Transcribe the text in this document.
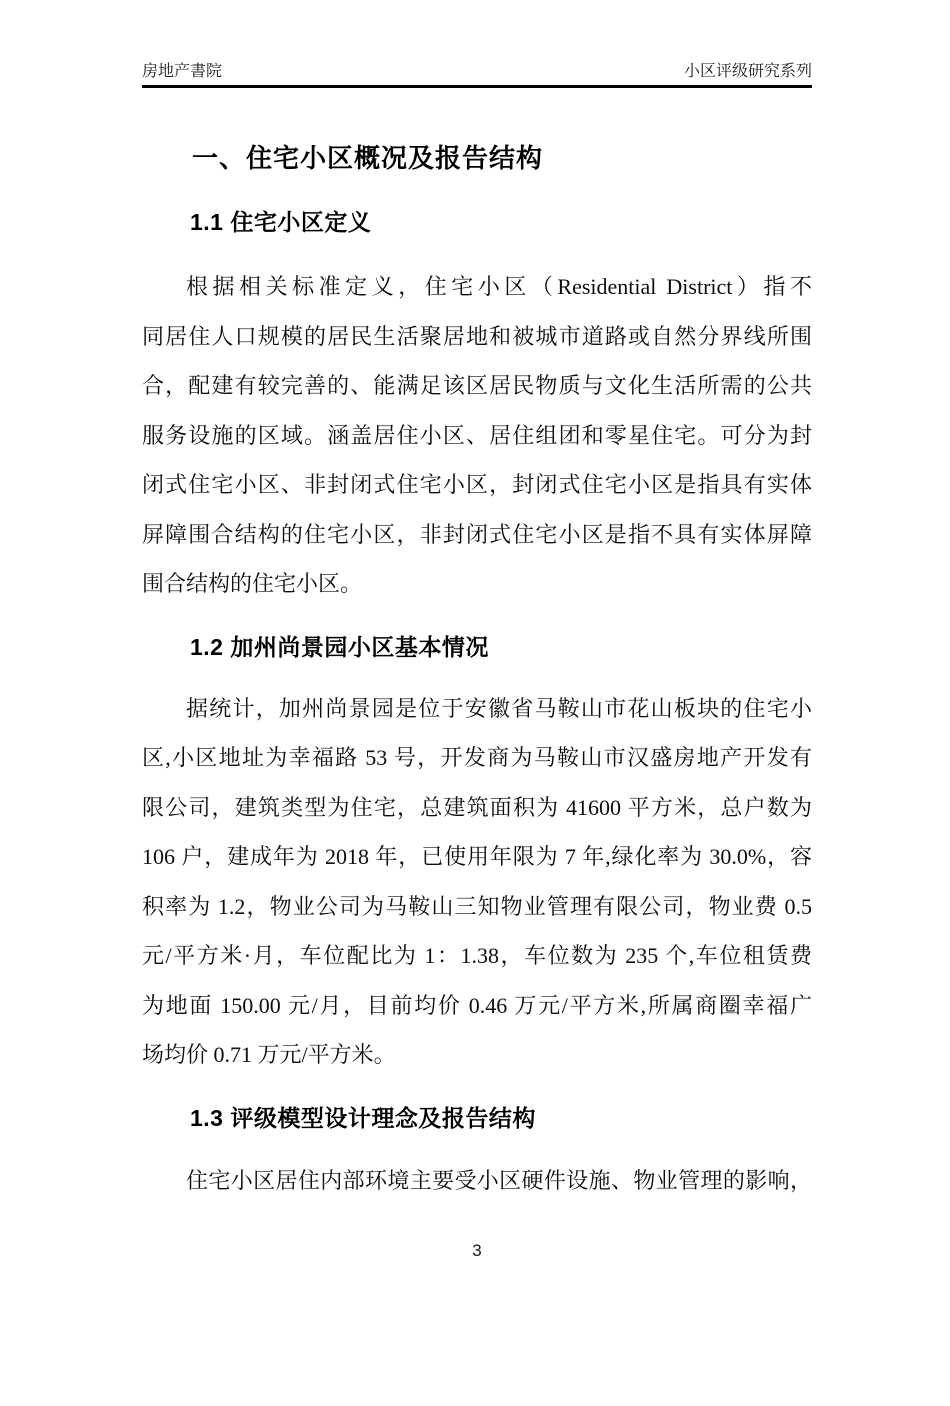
房地产書院	小区评级研究系列
一、住宅小区概况及报告结构
1.1 住宅小区定义
根据相关标准定义，住宅小区（Residential District）指不
同居住人口规模的居民生活聚居地和被城市道路或自然分界线所围
合，配建有较完善的、能满足该区居民物质与文化生活所需的公共
服务设施的区域。涵盖居住小区、居住组团和零星住宅。可分为封
闭式住宅小区、非封闭式住宅小区，封闭式住宅小区是指具有实体
屏障围合结构的住宅小区，非封闭式住宅小区是指不具有实体屏障
围合结构的住宅小区。
1.2 加州尚景园小区基本情况
据统计，加州尚景园是位于安徽省马鞍山市花山板块的住宅小
区,小区地址为幸福路 53 号，开发商为马鞍山市汉盛房地产开发有
限公司，建筑类型为住宅，总建筑面积为 41600 平方米，总户数为
106 户，建成年为 2018 年，已使用年限为 7 年,绿化率为 30.0%，容
积率为 1.2，物业公司为马鞍山三知物业管理有限公司，物业费 0.5
元/平方米·月，车位配比为 1：1.38，车位数为 235 个,车位租赁费
为地面 150.00 元/月，目前均价 0.46 万元/平方米,所属商圈幸福广
场均价 0.71 万元/平方米。
1.3 评级模型设计理念及报告结构
住宅小区居住内部环境主要受小区硬件设施、物业管理的影响，
3
